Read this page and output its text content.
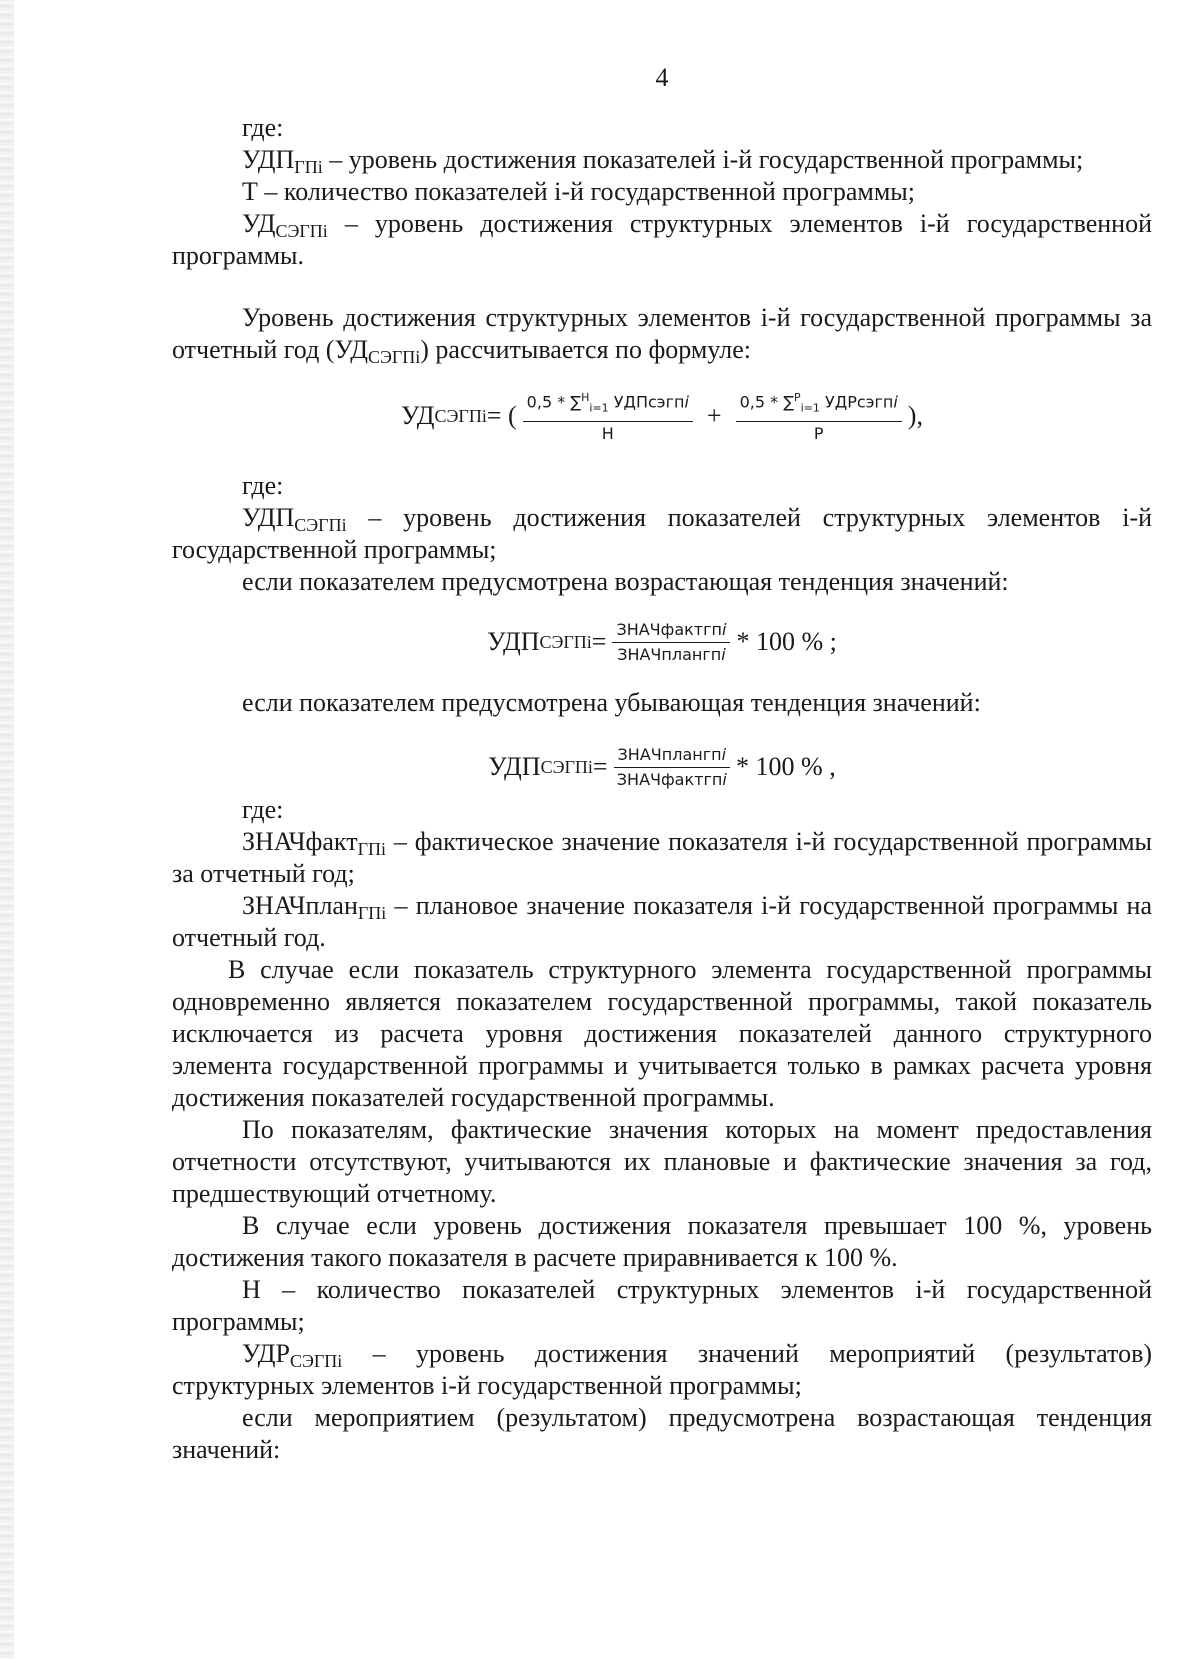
4

где:

$УДП_{ГПi}$ – уровень достижения показателей i-й государственной программы;

Т – количество показателей i-й государственной программы;

$УД_{СЭГПi}$ – уровень достижения структурных элементов i-й государственной программы.

Уровень достижения структурных элементов i-й государственной программы за отчетный год $(УД_{СЭГПi})$ рассчитывается по формуле:

УД СЭГПi = ( $\frac{0,5 * \sum^Н_{i=1} УДПсэгпi}{Н} + \frac{0,5 * \sum^P_{i=1} УДРсэгпi}{P}$ ),

где:

$УДП_{СЭГПi}$ – уровень достижения показателей структурных элементов i-й государственной программы;

если показателем предусмотрена возрастающая тенденция значений:

УДП СЭГПi = $\frac{\text{ЗНАЧфактгпi}}{\text{ЗНАЧплангпi}} * 100$ % ;

если показателем предусмотрена убывающая тенденция значений:

УДП СЭГПi = $\frac{\text{ЗНАЧплангпi}}{\text{ЗНАЧфактгпi}} * 100$ % ,

где:

ЗНАЧфакт$_{ГПi}$ – фактическое значение показателя i-й государственной программы за отчетный год;

ЗНАЧплан$_{ГПi}$ – плановое значение показателя i-й государственной программы на отчетный год.

В случае если показатель структурного элемента государственной программы одновременно является показателем государственной программы, такой показатель исключается из расчета уровня достижения показателей данного структурного элемента государственной программы и учитывается только в рамках расчета уровня достижения показателей государственной программы.

По показателям, фактические значения которых на момент предоставления отчетности отсутствуют, учитываются их плановые и фактические значения за год, предшествующий отчетному.

В случае если уровень достижения показателя превышает 100 %, уровень достижения такого показателя в расчете приравнивается к 100 %.

Н – количество показателей структурных элементов i-й государственной программы;

$УДР_{СЭГПi}$ – уровень достижения значений мероприятий (результатов) структурных элементов i-й государственной программы;

если мероприятием (результатом) предусмотрена возрастающая тенденция значений:
